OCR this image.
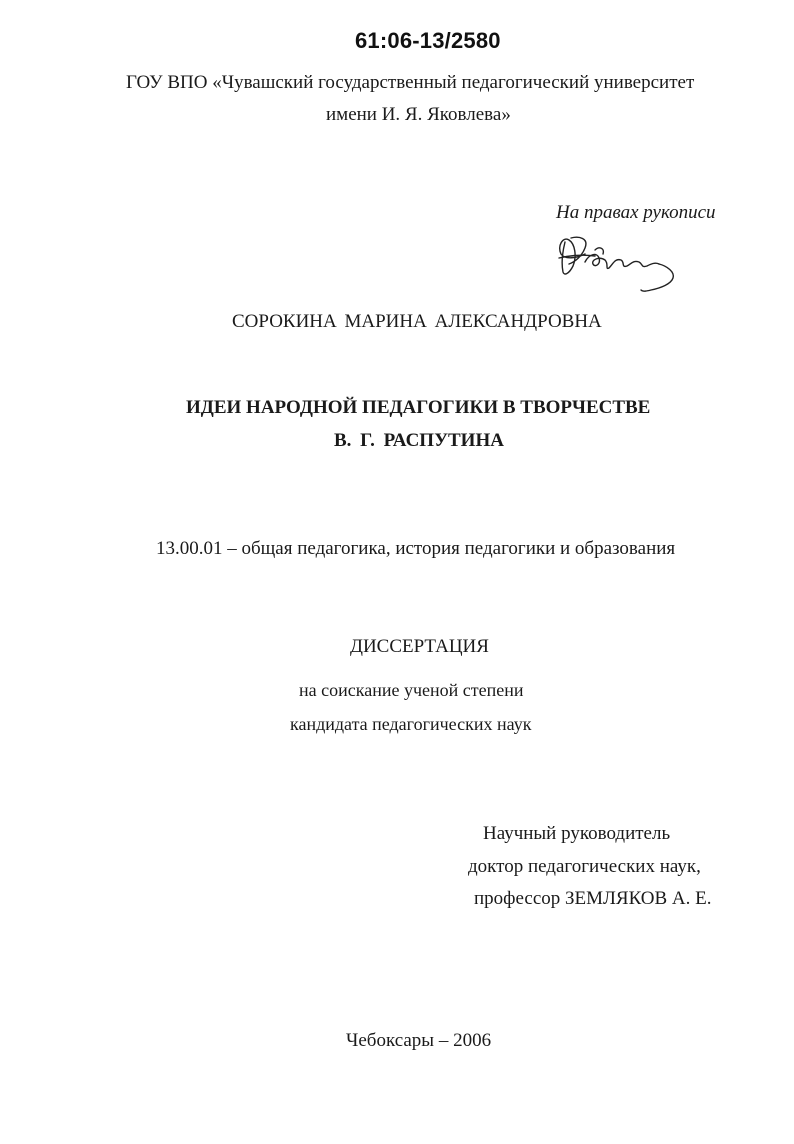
61:06-13/2580
ГОУ ВПО «Чувашский государственный педагогический университет
имени И. Я. Яковлева»
На правах рукописи
СОРОКИНА МАРИНА АЛЕКСАНДРОВНА
ИДЕИ НАРОДНОЙ ПЕДАГОГИКИ В ТВОРЧЕСТВЕ
В. Г. РАСПУТИНА
13.00.01 – общая педагогика, история педагогики и образования
ДИССЕРТАЦИЯ
на соискание ученой степени
кандидата педагогических наук
Научный руководитель
доктор педагогических наук,
профессор ЗЕМЛЯКОВ А. Е.
Чебоксары – 2006
